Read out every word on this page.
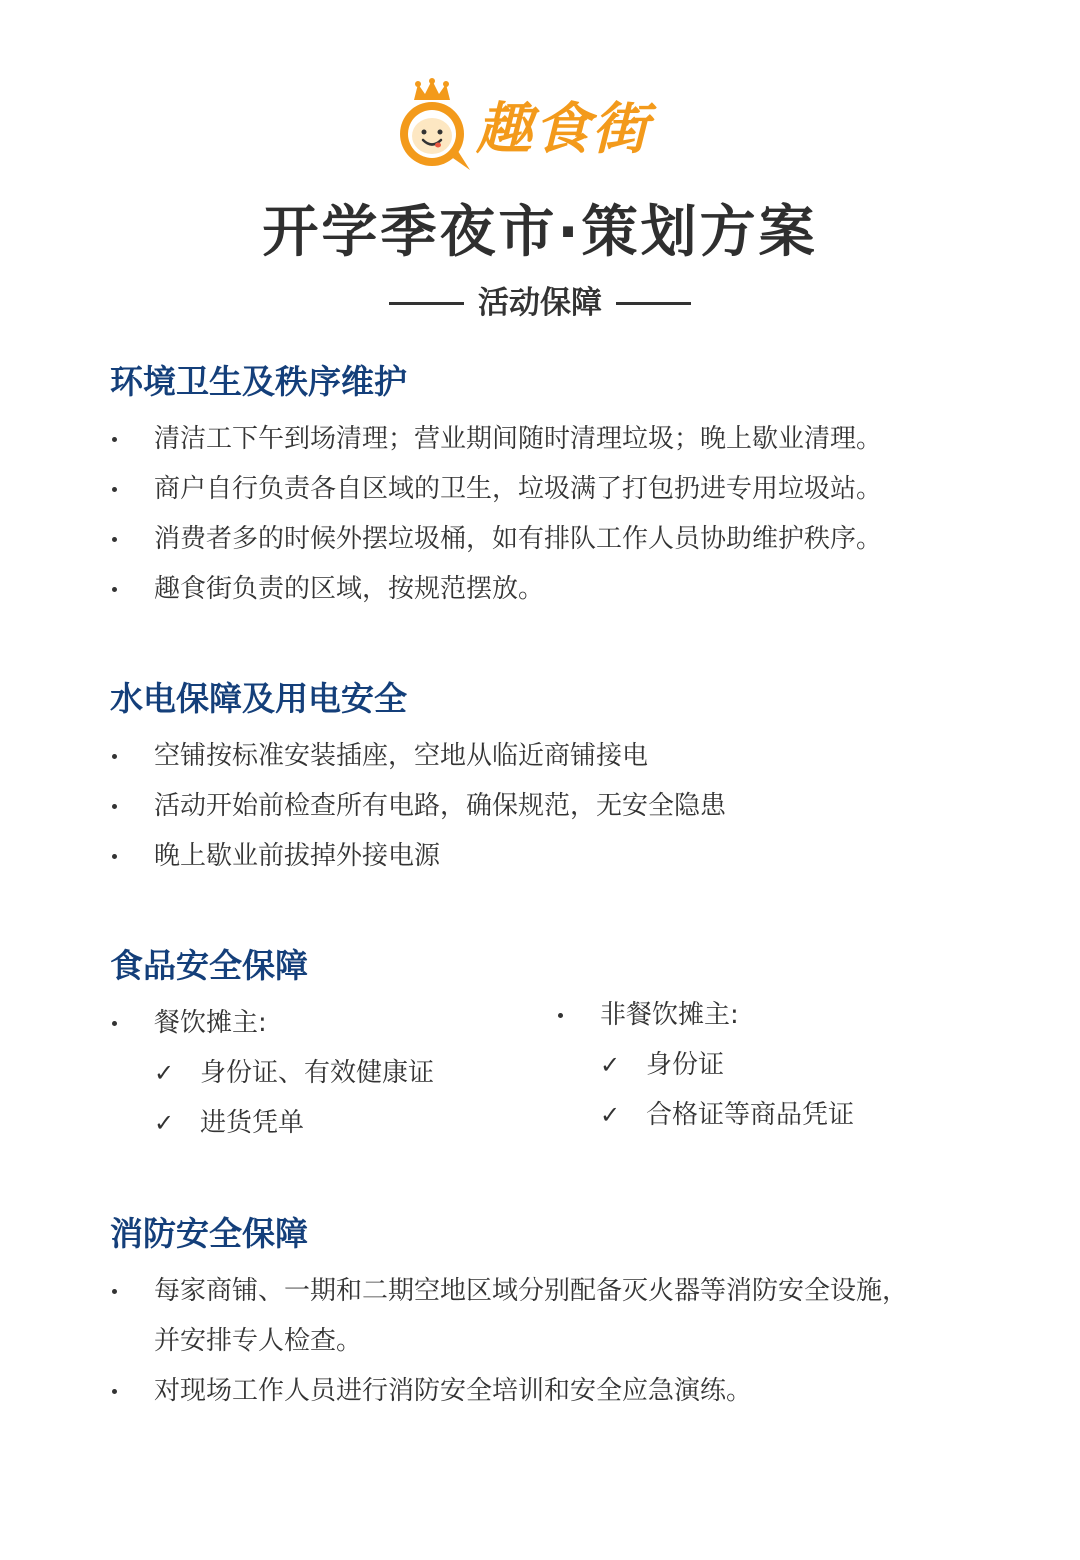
趣食街
开学季夜市·策划方案
活动保障
环境卫生及秩序维护
清洁工下午到场清理；营业期间随时清理垃圾；晚上歇业清理。
商户自行负责各自区域的卫生，垃圾满了打包扔进专用垃圾站。
消费者多的时候外摆垃圾桶，如有排队工作人员协助维护秩序。
趣食街负责的区域，按规范摆放。
水电保障及用电安全
空铺按标准安装插座，空地从临近商铺接电
活动开始前检查所有电路，确保规范，无安全隐患
晚上歇业前拔掉外接电源
食品安全保障
餐饮摊主:
✓ 身份证、有效健康证
✓ 进货凭单
非餐饮摊主:
✓ 身份证
✓ 合格证等商品凭证
消防安全保障
每家商铺、一期和二期空地区域分别配备灭火器等消防安全设施，
并安排专人检查。
对现场工作人员进行消防安全培训和安全应急演练。
